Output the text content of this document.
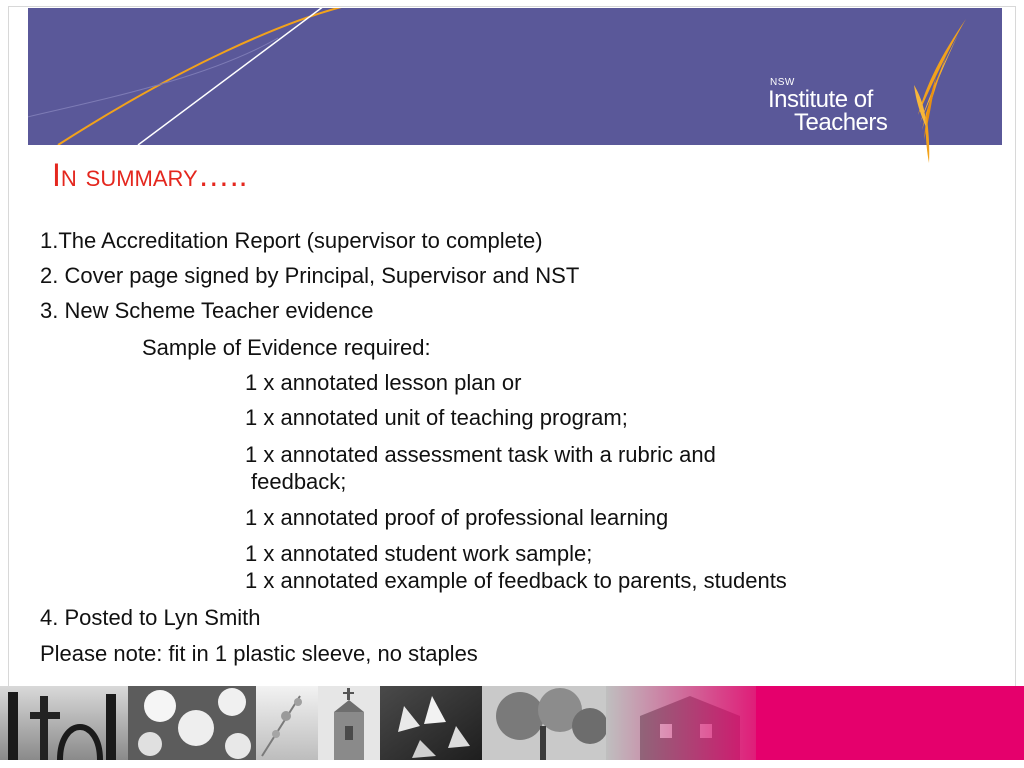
NSW
Institute of
Teachers
In summary…..
1.The Accreditation Report (supervisor to complete)
2. Cover page signed by Principal, Supervisor and NST
3. New Scheme Teacher evidence
Sample of Evidence required:
1 x annotated lesson plan or
1 x annotated unit of teaching program;
1 x annotated assessment task with a rubric and
feedback;
1 x annotated proof of professional learning
1 x annotated student work sample;
1 x annotated example of feedback to parents, students
4. Posted to Lyn Smith
Please note: fit in 1 plastic sleeve, no staples
